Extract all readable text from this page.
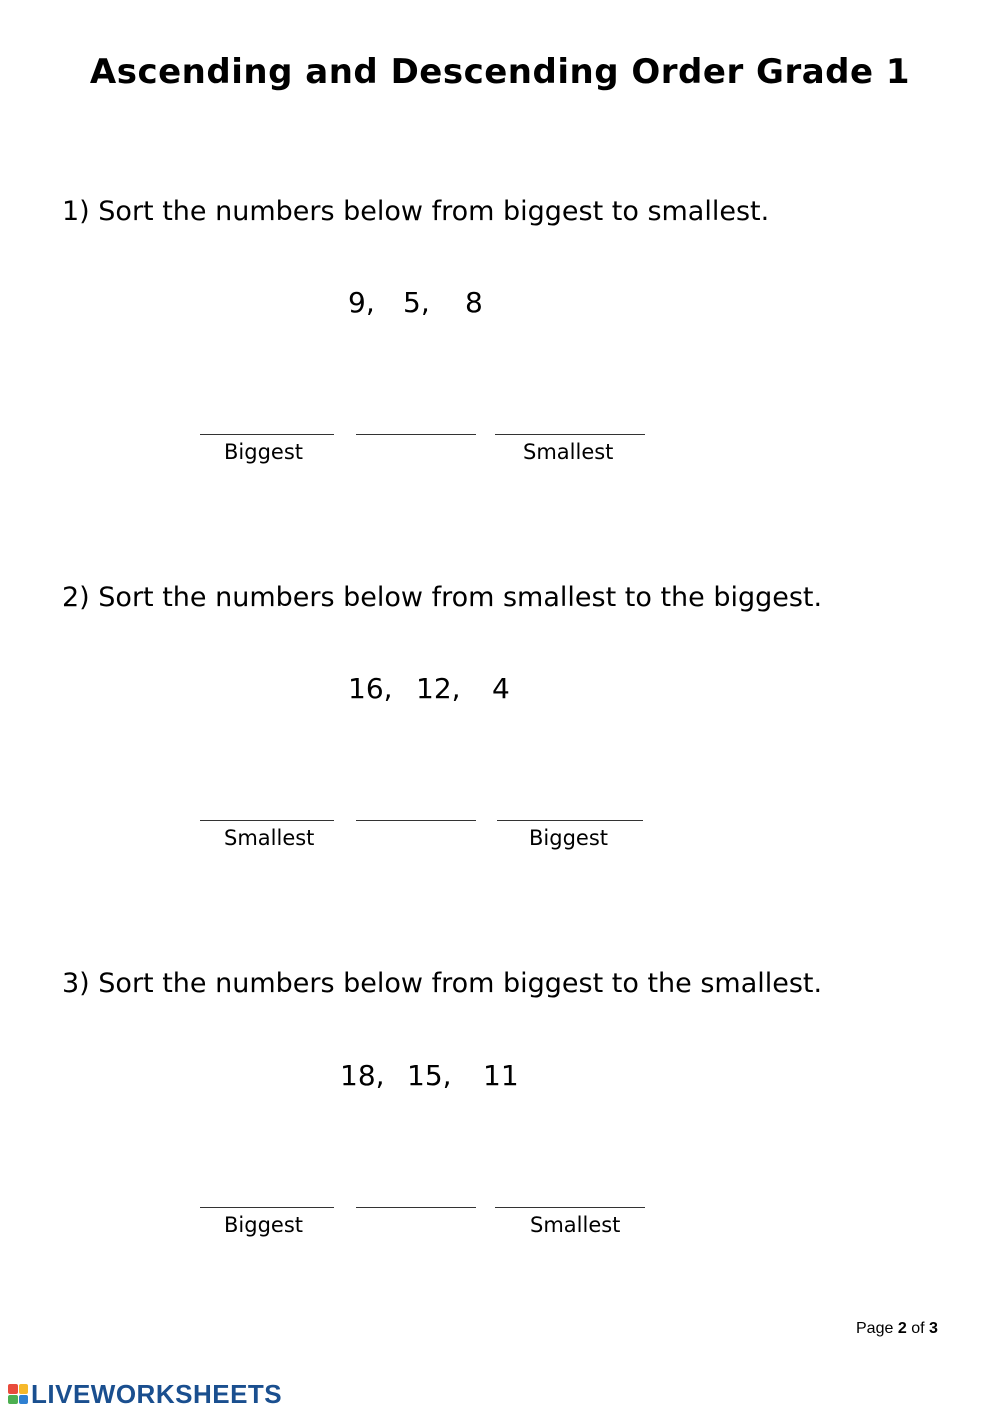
Ascending and Descending Order Grade 1
1) Sort the numbers below from biggest to smallest.
9, 5, 8
Biggest	Smallest
2) Sort the numbers below from smallest to the biggest.
16, 12, 4
Smallest	Biggest
3) Sort the numbers below from biggest to the smallest.
18, 15, 11
Biggest	Smallest
Page 2 of 3
LIVEWORKSHEETS
